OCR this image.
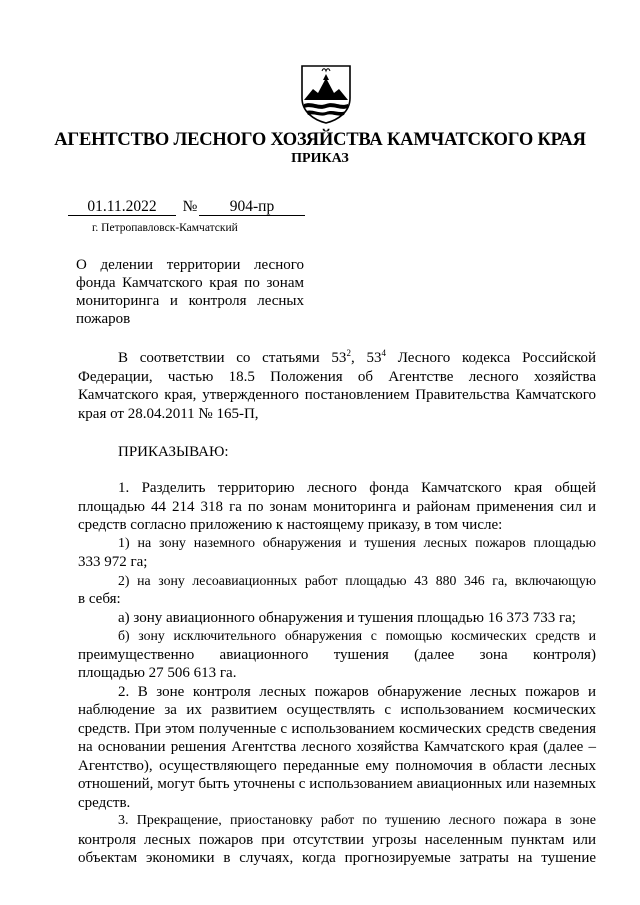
АГЕНТСТВО ЛЕСНОГО ХОЗЯЙСТВА КАМЧАТСКОГО КРАЯ
ПРИКАЗ
01.11.2022	№	904-пр
г. Петропавловск-Камчатский
О делении территории лесного
фонда Камчатского края по зонам
мониторинга и контроля лесных
пожаров
В соответствии со статьями $53^2$, $53^4$ Лесного кодекса Российской
Федерации, частью 18.5 Положения об Агентстве лесного хозяйства
Камчатского края, утвержденного постановлением Правительства Камчатского
края от 28.04.2011 № 165-П,
ПРИКАЗЫВАЮ:
1. Разделить территорию лесного фонда Камчатского края общей
площадью 44 214 318 га по зонам мониторинга и районам применения сил и
средств согласно приложению к настоящему приказу, в том числе:
1) на зону наземного обнаружения и тушения лесных пожаров площадью
333 972 га;
2) на зону лесоавиационных работ площадью 43 880 346 га, включающую
в себя:
а) зону авиационного обнаружения и тушения площадью 16 373 733 га;
б) зону исключительного обнаружения с помощью космических средств и
преимущественно авиационного тушения (далее зона контроля)
площадью 27 506 613 га.
2. В зоне контроля лесных пожаров обнаружение лесных пожаров и
наблюдение за их развитием осуществлять с использованием космических
средств. При этом полученные с использованием космических средств сведения
на основании решения Агентства лесного хозяйства Камчатского края (далее –
Агентство), осуществляющего переданные ему полномочия в области лесных
отношений, могут быть уточнены с использованием авиационных или наземных
средств.
3. Прекращение, приостановку работ по тушению лесного пожара в зоне
контроля лесных пожаров при отсутствии угрозы населенным пунктам или
объектам экономики в случаях, когда прогнозируемые затраты на тушение
